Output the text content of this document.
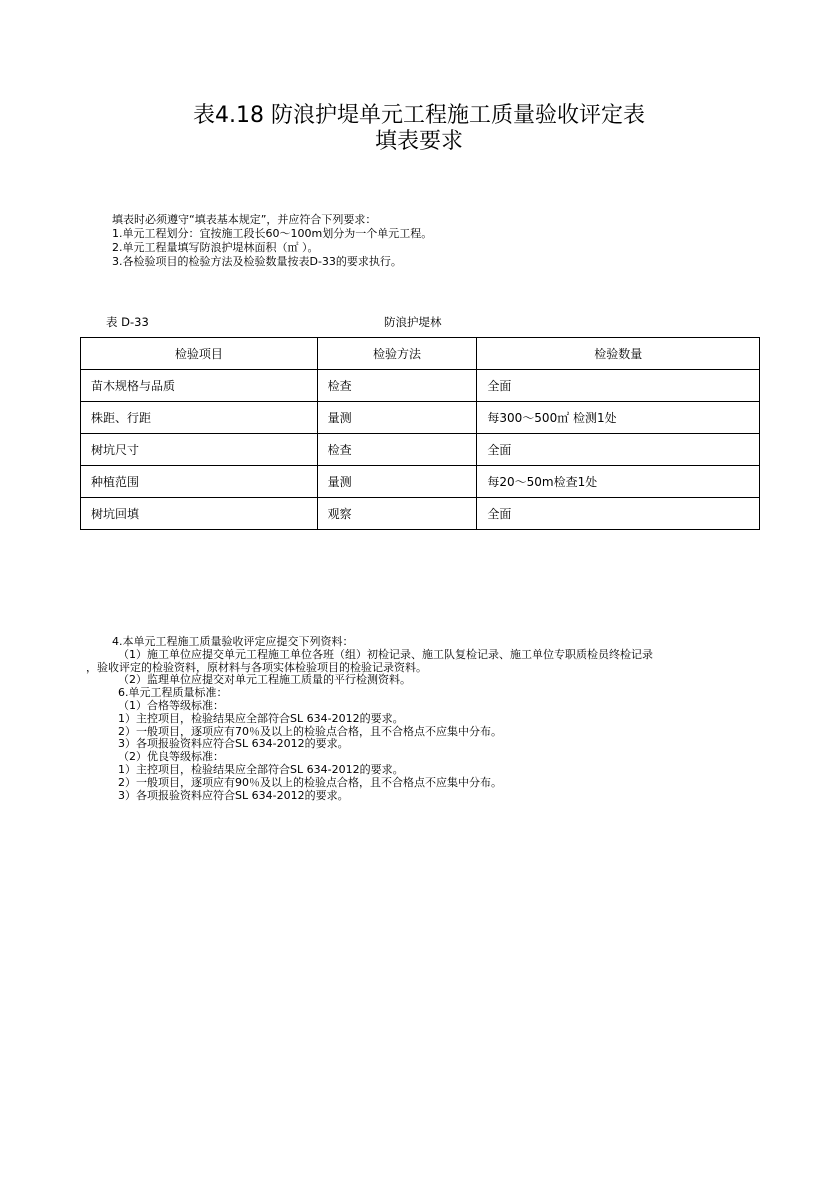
表4.18 防浪护堤单元工程施工质量验收评定表
填表要求
填表时必须遵守“填表基本规定”，并应符合下列要求：
1.单元工程划分：宜按施工段长60～100m划分为一个单元工程。
2.单元工程量填写防浪护堤林面积（㎡ ）。
3.各检验项目的检验方法及检验数量按表D-33的要求执行。
表 D-33	防浪护堤林
检验项目	检验方法	检验数量
苗木规格与品质	检查	全面
株距、行距	量测	每300～500㎡ 检测1处
树坑尺寸	检查	全面
种植范围	量测	每20～50m检查1处
树坑回填	观察	全面
4.本单元工程施工质量验收评定应提交下列资料：
（1）施工单位应提交单元工程施工单位各班（组）初检记录、施工队复检记录、施工单位专职质检员终检记录
，验收评定的检验资料，原材料与各项实体检验项目的检验记录资料。
（2）监理单位应提交对单元工程施工质量的平行检测资料。
6.单元工程质量标准：
（1）合格等级标准：
1）主控项目，检验结果应全部符合SL 634-2012的要求。
2）一般项目，逐项应有70％及以上的检验点合格，且不合格点不应集中分布。
3）各项报验资料应符合SL 634-2012的要求。
（2）优良等级标准：
1）主控项目，检验结果应全部符合SL 634-2012的要求。
2）一般项目，逐项应有90％及以上的检验点合格，且不合格点不应集中分布。
3）各项报验资料应符合SL 634-2012的要求。
